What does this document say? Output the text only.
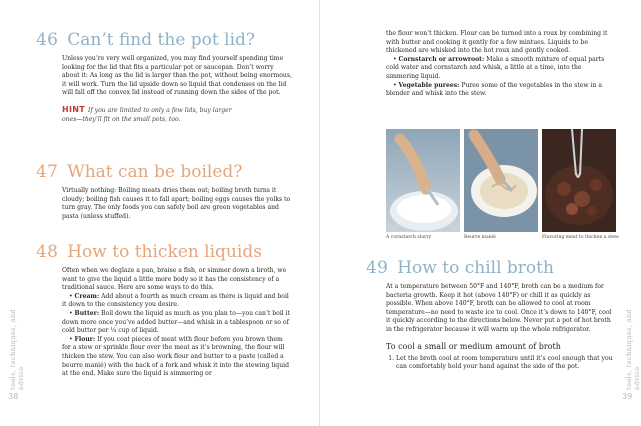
46 Can’t find the pot lid?

Unless you’re very well organized, you may find yourself spending time looking for the lid that fits a particular pot or saucepan. Don’t worry about it: As long as the lid is larger than the pot, without being enormous, it will work. Turn the lid upside down so liquid that condenses on the lid will fall off the convex lid instead of running down the sides of the pot.

HINT If you are limited to only a few lids, buy larger ones—they’ll fit on the small pots, too.
47 What can be boiled?

Virtually nothing: Boiling meats dries them out; boiling broth turns it cloudy; boiling fish causes it to fall apart; boiling eggs causes the yolks to turn gray. The only foods you can safely boil are green vegetables and pasta (unless stuffed).

48 How to thicken liquids

Often when we deglaze a pan, braise a fish, or simmer down a broth, we want to give the liquid a little more body so it has the consistency of a traditional sauce. Here are some ways to do this.

• Cream: Add about a fourth as much cream as there is liquid and boil it down to the consistency you desire.

• Butter: Boil down the liquid as much as you plan to—you can’t boil it down more once you’ve added butter—and whisk in a tablespoon or so of cold butter per ¼ cup of liquid.

• Flour: If you coat pieces of meat with flour before you brown them for a stew or sprinkle flour over the meat as it’s browning, the flour will thicken the stew. You can also work flour and butter to a paste (called a beurre manié) with the back of a fork and whisk it into the stewing liquid at the end. Make sure the liquid is simmering or

tools, techniques, and advice
38

the flour won’t thicken. Flour can be turned into a roux by combining it with butter and cooking it gently for a few mintues. Liquids to be thickened are whisked into the hot roux and gently cooked.

• Cornstarch or arrowroot: Make a smooth mixture of equal parts cold water and cornstarch and whisk, a little at a time, into the simmering liquid.

• Vegetable purees: Puree some of the vegetables in the stew in a blender and whisk into the stew.

A cornstarch slurry	Beurre manié	Flavoring meat to thicken a stew
49 How to chill broth

At a temperature between 50°F and 140°F, broth can be a medium for bacteria growth. Keep it hot (above 140°F) or chill it as quickly as possible. When above 140°F, broth can be allowed to cool at room temperature—no need to waste ice to cool. Once it’s down to 140°F, cool it quickly according to the directions below. Never put a pot of hot broth in the refrigerator because it will warm up the whole refrigerator.

To cool a small or medium amount of broth
1. Let the broth cool at room temperature until it’s cool enough that you can comfortably hold your hand against the side of the pot.	tools, techniques, and advice
39
